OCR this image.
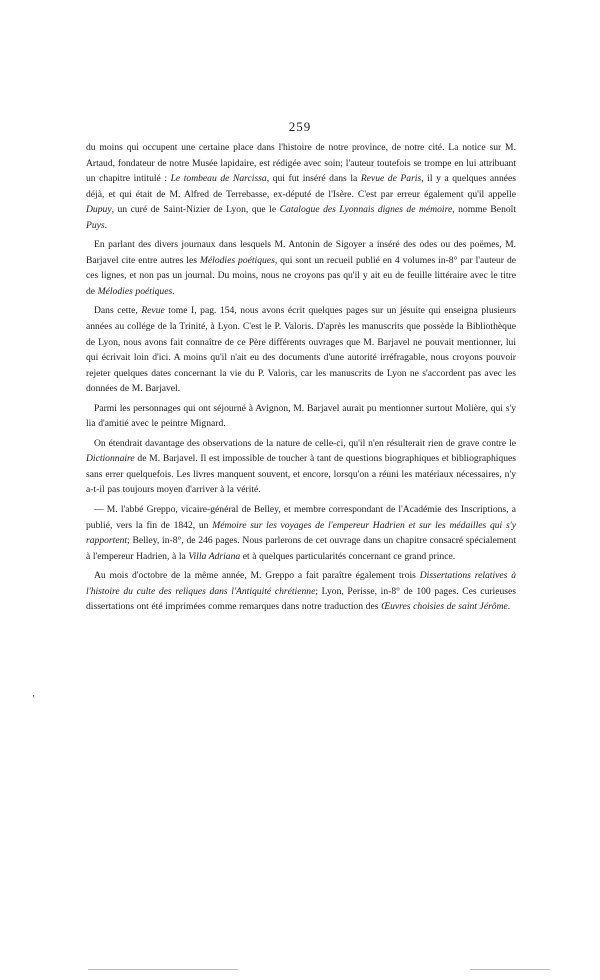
259

du moins qui occupent une certaine place dans l'histoire de notre province, de notre cité. La notice sur M. Artaud, fondateur de notre Musée lapidaire, est rédigée avec soin; l'auteur toutefois se trompe en lui attribuant un chapitre intitulé : Le tombeau de Narcissa, qui fut inséré dans la Revue de Paris, il y a quelques années déjà, et qui était de M. Alfred de Terrebasse, ex-député de l'Isère. C'est par erreur également qu'il appelle Dupuy, un curé de Saint-Nizier de Lyon, que le Catalogue des Lyonnais dignes de mémoire, nomme Benoît Puys.

En parlant des divers journaux dans lesquels M. Antonin de Sigoyer a inséré des odes ou des poëmes, M. Barjavel cite entre autres les Mélodies poétiques, qui sont un recueil publié en 4 volumes in-8° par l'auteur de ces lignes, et non pas un journal. Du moins, nous ne croyons pas qu'il y ait eu de feuille littéraire avec le titre de Mélodies poétiques.

Dans cette, Revue tome I, pag. 154, nous avons écrit quelques pages sur un jésuite qui enseigna plusieurs années au collége de la Trinité, à Lyon. C'est le P. Valoris. D'après les manuscrits que possède la Bibliothèque de Lyon, nous avons fait connaître de ce Père différents ouvrages que M. Barjavel ne pouvait mentionner, lui qui écrivait loin d'ici. A moins qu'il n'ait eu des documents d'une autorité irréfragable, nous croyons pouvoir rejeter quelques dates concernant la vie du P. Valoris, car les manuscrits de Lyon ne s'accordent pas avec les données de M. Barjavel.

Parmi les personnages qui ont séjourné à Avignon, M. Barjavel aurait pu mentionner surtout Molière, qui s'y lia d'amitié avec le peintre Mignard.

On étendrait davantage des observations de la nature de celle-ci, qu'il n'en résulterait rien de grave contre le Dictionnaire de M. Barjavel. Il est impossible de toucher à tant de questions biographiques et bibliographiques sans errer quelquefois. Les livres manquent souvent, et encore, lorsqu'on a réuni les matériaux nécessaires, n'y a-t-il pas toujours moyen d'arriver à la vérité.

— M. l'abbé Greppo, vicaire-général de Belley, et membre correspondant de l'Académie des Inscriptions, a publié, vers la fin de 1842, un Mémoire sur les voyages de l'empereur Hadrien et sur les médailles qui s'y rapportent; Belley, in-8°, de 246 pages. Nous parlerons de cet ouvrage dans un chapitre consacré spécialement à l'empereur Hadrien, à la Villa Adriana et à quelques particularités concernant ce grand prince.

Au mois d'octobre de la même année, M. Greppo a fait paraître également trois Dissertations relatives à l'histoire du culte des reliques dans l'Antiquité chrétienne; Lyon, Perisse, in-8° de 100 pages. Ces curieuses dissertations ont été imprimées comme remarques dans notre traduction des Œuvres choisies de saint Jérôme.

‛
